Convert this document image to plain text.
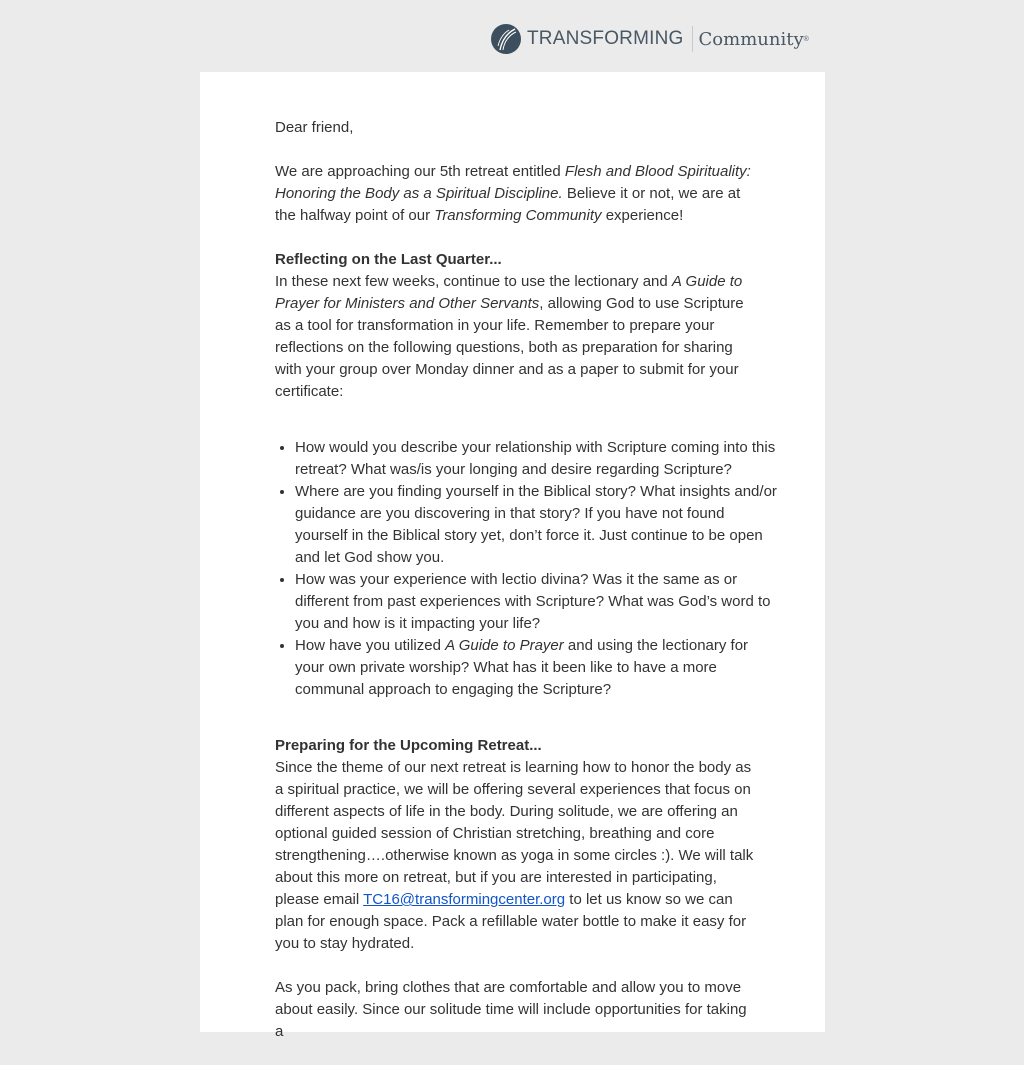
TRANSFORMING Community ®

Dear friend,

We are approaching our 5th retreat entitled Flesh and Blood Spirituality: Honoring the Body as a Spiritual Discipline. Believe it or not, we are at the halfway point of our Transforming Community experience!

Reflecting on the Last Quarter...

In these next few weeks, continue to use the lectionary and A Guide to Prayer for Ministers and Other Servants, allowing God to use Scripture as a tool for transformation in your life. Remember to prepare your reflections on the following questions, both as preparation for sharing with your group over Monday dinner and as a paper to submit for your certificate:

• How would you describe your relationship with Scripture coming into this retreat? What was/is your longing and desire regarding Scripture?
• Where are you finding yourself in the Biblical story? What insights and/or guidance are you discovering in that story? If you have not found yourself in the Biblical story yet, don’t force it. Just continue to be open and let God show you.
• How was your experience with lectio divina? Was it the same as or different from past experiences with Scripture? What was God’s word to you and how is it impacting your life?
• How have you utilized A Guide to Prayer and using the lectionary for your own private worship? What has it been like to have a more communal approach to engaging the Scripture?
Preparing for the Upcoming Retreat...

Since the theme of our next retreat is learning how to honor the body as a spiritual practice, we will be offering several experiences that focus on different aspects of life in the body. During solitude, we are offering an optional guided session of Christian stretching, breathing and core strengthening….otherwise known as yoga in some circles :). We will talk about this more on retreat, but if you are interested in participating, please email TC16@transformingcenter.org to let us know so we can plan for enough space. Pack a refillable water bottle to make it easy for you to stay hydrated.

As you pack, bring clothes that are comfortable and allow you to move about easily. Since our solitude time will include opportunities for taking a
